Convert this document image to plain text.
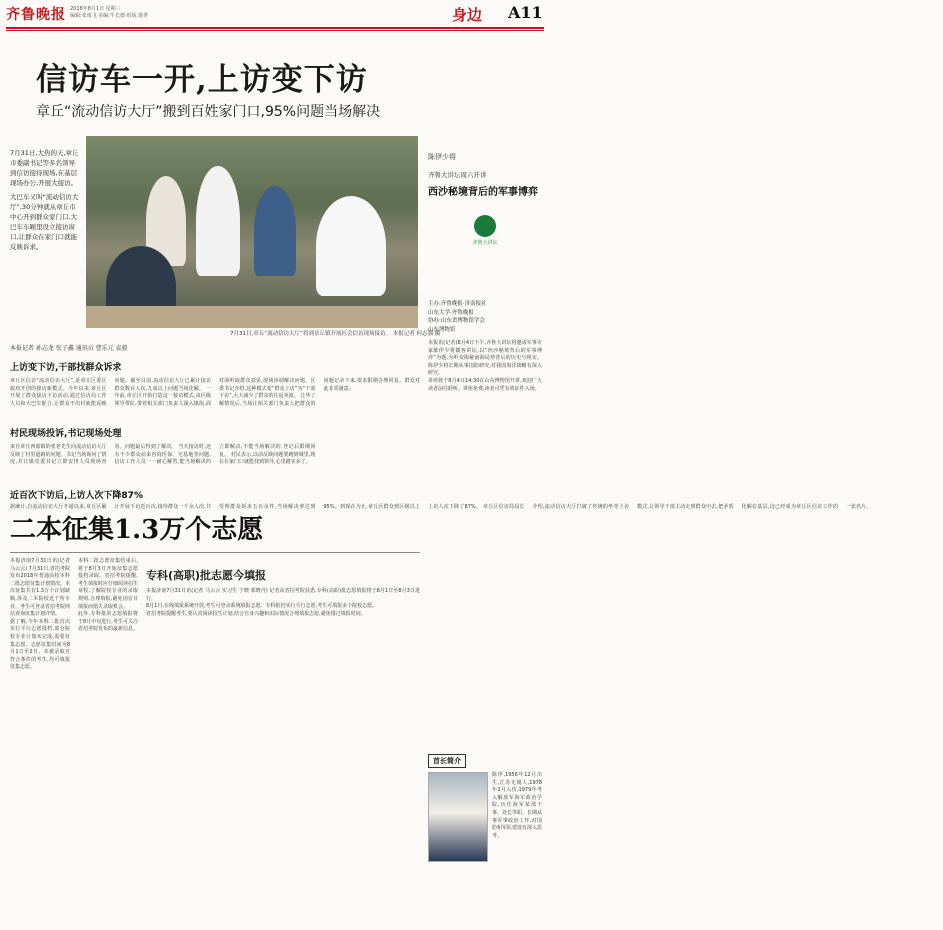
齐鲁晚报 2018年8月1日 星期三
编辑:张雨飞 美编:牛长德 组版:徐菁	身边 A11
信访车一开,上访变下访
章丘“流动信访大厅”搬到百姓家门口,95%问题当场解决

7月31日,大热的天,章丘市委副书记等多名领导到信访接待现场,在基层现场办公,开展大接访。

大巴车又叫“流动信访大厅”,30分钟就从章丘市中心开到群众家门口,大巴车车厢里设立接访窗口,让群众在家门口就能反映诉求。

7月31日,章丘“流动信访大厅”将到章丘镇开展社会信访现场接访。 本报记者 何志强 摄
本报记者 孙志龙 张子鑫 通讯员 曹乐元 袁毅
上访变下访,干部找群众诉求
章丘区信访“流动信访大厅”,是章丘区委区政府开创的接访新模式。今年以来,章丘区开展了群众接访下访活动,通过信访局工作人员和大巴车配合,让群众不出村就能反映问题。截至目前,流动信访大厅已累计接访群众数百人次,九成以上问题当场化解。 一年前,章丘区开始打造这一接访模式,由区级领导带队,带着相关部门负责人深入镇街,面对面听取群众意见,现场协调解决问题。区委书记介绍,这种模式变“群众上访”为“干部下访”,大大减少了群众的往返奔波。 江华了解情况后,当场让相关部门负责人把群众的问题记录下来,要求限期办理回复。群众对此非常满意。
村民现场投诉,书记现场处理
来自章丘西部镇的张老先生向流动信访大厅反映了村里道路的问题。书记当场询问了情况,并让镇党委书记立即安排人员现场查看。问题最后得到了解决。 当天接访时,还有不少群众前来咨询医保、宅基地等问题,信访工作人员一一耐心解答,能当场解决的立即解决,不能当场解决的,登记后限期回复。 村民表示,以前反映问题要跑到城里,现在在家门口就能找到领导,心里踏实多了。
近百次下访后,上访人次下降87%
据统计,自流动信访大厅开通以来,章丘区累计开展下访近百次,接待群众一千余人次,共受理群众诉求五百余件,当场解决率达到95%。到现在为止,章丘区群众到区级以上上访人次下降了87%。 章丘区信访局局长介绍,流动信访大厅打破了传统的坐等上访模式,让领导干部主动走到群众中去,把矛盾化解在基层,这已经成为章丘区信访工作的一张名片。
陈伊少将
齐鲁大讲坛周六开讲
西沙秘境背后的军事博弈
齐鲁大讲坛
主办:齐鲁晚报·济南报社
山东大学·齐鲁晚报
协办:山东省博物馆学会
山东博物馆
本报讯(记者)8月4日下午,齐鲁大讲坛将邀请军事专家陈伊少将做客讲坛,以“西沙秘境背后的军事博弈”为题,为听众揭秘南海局势背后的历史与现实。陈伊少将长期从事国防研究,对我国海洋战略有深入研究。
讲座将于8月4日14:30在山东博物馆开讲,欢迎广大读者前往聆听。讲座免费,读者可凭有效证件入场。
二本征集1.3万个志愿
本报济南7月31日讯(记者 马云云) 7月31日,省招考院发布2018年普通高校本科二批志愿征集计划情况。本次征集共有1.3万个计划缺额,涉及二本院校近千所专业。考生可登录省招考院网站查询征集计划详情。
据了解,今年本科二批首次实行平行志愿投档,部分院校专业计划未完成,需要征集志愿。志愿征集时间为8月1日至2日。未被录取且符合条件的考生,均可填报征集志愿。
本科二批志愿征集结束后,将于8月3日开始征集志愿投档录取。省招考院提醒,考生填报时应仔细阅读招生章程,了解院校专业的录取规则,合理填报,避免因盲目填报而错失录取机会。
此外,专科批的志愿填报将于8月中旬进行,考生可关注省招考院发布的最新信息。
专科(高职)批志愿今填报
本报济南7月31日讯(记者 马云云 实习生 于晓 郭晓丹) 记者从省招考院获悉,专科(高职)批志愿填报将于8月1日至8月3日进行。
8月1日,在线填报系统开放,考生可登录系统填报志愿。专科批仍实行平行志愿,考生可填报多个院校志愿。
省招考院提醒考生,要认真阅读招生计划,结合自身兴趣和实际情况合理填报志愿,避免错过填报时间。
首长简介
陈伊,1956年12月出生,江苏无锡人,1978年2月入伍,1979年考入解放军海军政治学院,历任海军某部干事、处长等职。长期从事军事政治工作,对国防和军队建设有深入思考。
